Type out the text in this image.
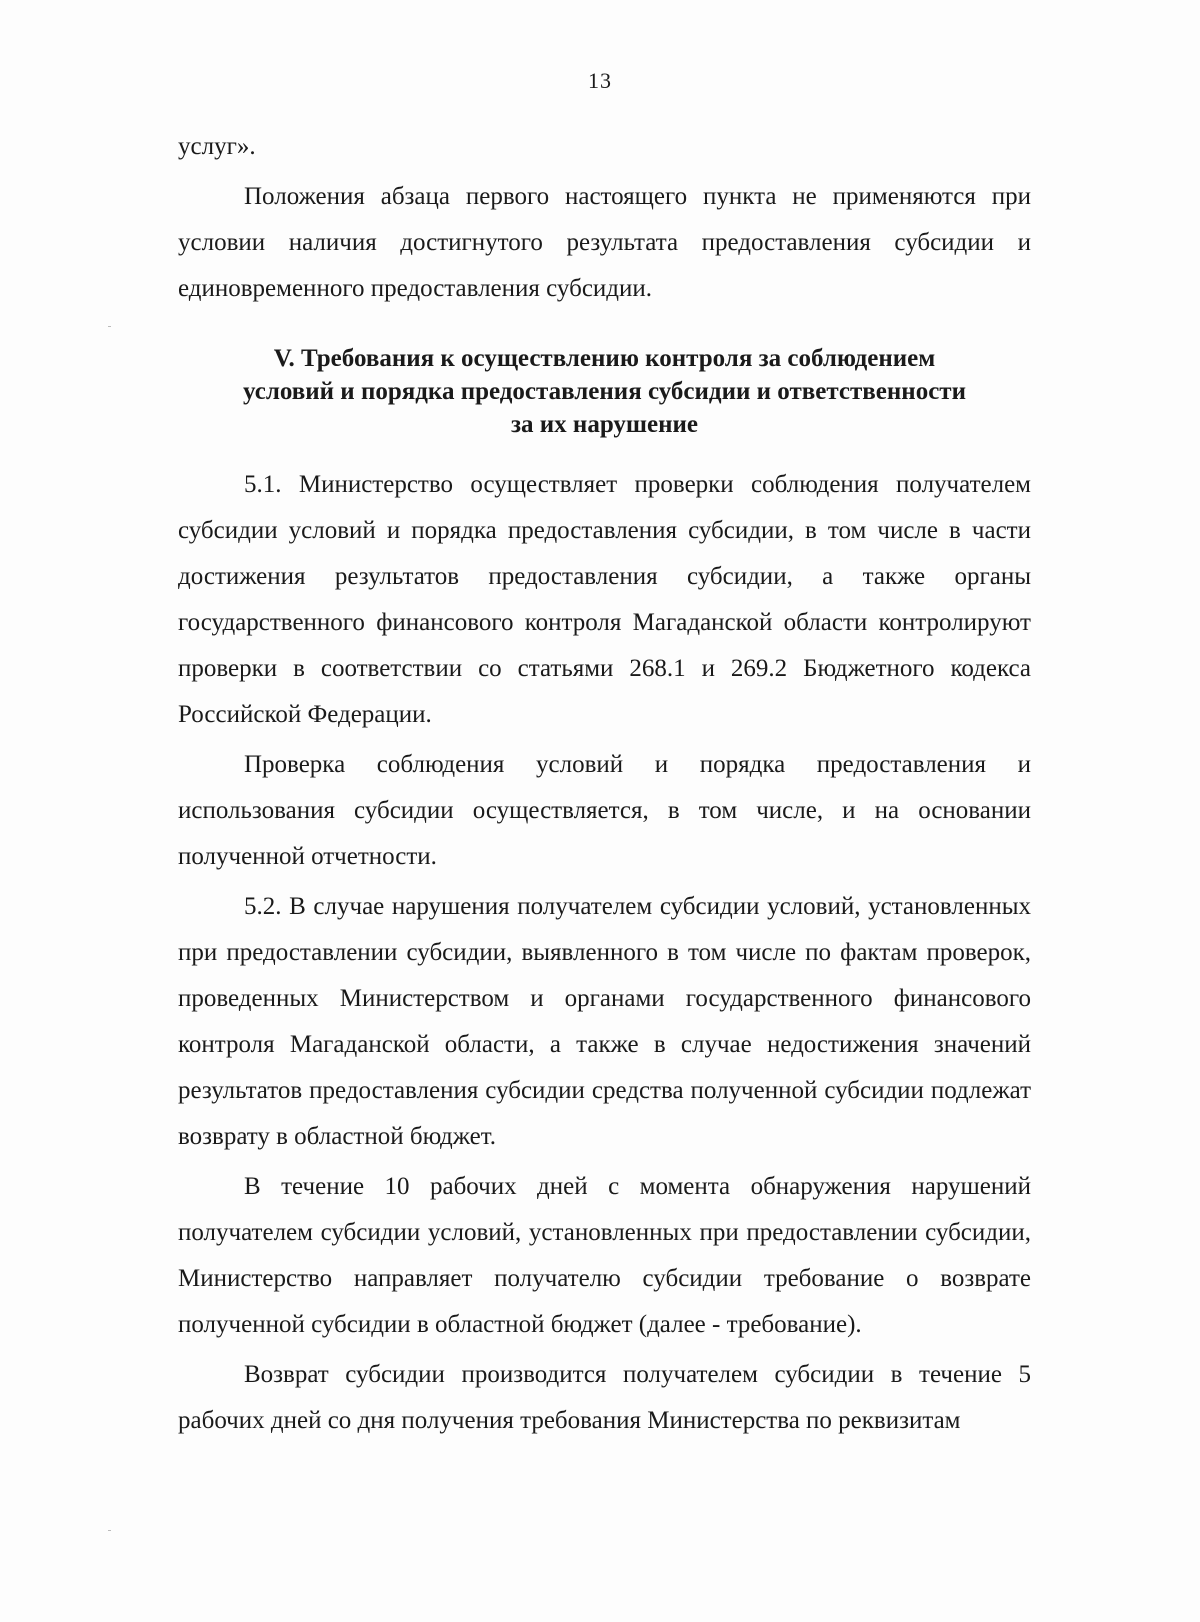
13

услуг».

Положения абзаца первого настоящего пункта не применяются при условии наличия достигнутого результата предоставления субсидии и единовременного предоставления субсидии.

V. Требования к осуществлению контроля за соблюдением
условий и порядка предоставления субсидии и ответственности
за их нарушение

5.1. Министерство осуществляет проверки соблюдения получателем субсидии условий и порядка предоставления субсидии, в том числе в части достижения результатов предоставления субсидии, а также органы государственного финансового контроля Магаданской области контролируют проверки в соответствии со статьями 268.1 и 269.2 Бюджетного кодекса Российской Федерации.

Проверка соблюдения условий и порядка предоставления и использования субсидии осуществляется, в том числе, и на основании полученной отчетности.

5.2. В случае нарушения получателем субсидии условий, установленных при предоставлении субсидии, выявленного в том числе по фактам проверок, проведенных Министерством и органами государственного финансового контроля Магаданской области, а также в случае недостижения значений результатов предоставления субсидии средства полученной субсидии подлежат возврату в областной бюджет.

В течение 10 рабочих дней с момента обнаружения нарушений получателем субсидии условий, установленных при предоставлении субсидии, Министерство направляет получателю субсидии требование о возврате полученной субсидии в областной бюджет (далее - требование).

Возврат субсидии производится получателем субсидии в течение 5 рабочих дней со дня получения требования Министерства по реквизитам
